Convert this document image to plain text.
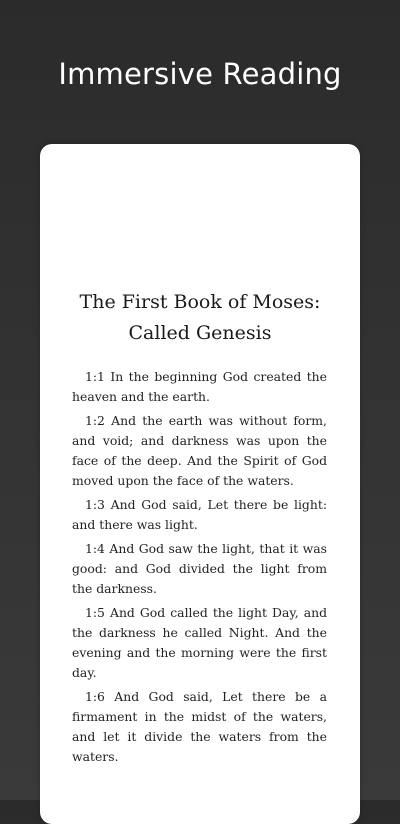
Immersive Reading
The First Book of Moses:
Called Genesis
1:1 In the beginning God created the heaven and the earth.
1:2 And the earth was without form, and void; and darkness was upon the face of the deep. And the Spirit of God moved upon the face of the waters.
1:3 And God said, Let there be light: and there was light.
1:4 And God saw the light, that it was good: and God divided the light from the darkness.
1:5 And God called the light Day, and the darkness he called Night. And the evening and the morning were the first day.
1:6 And God said, Let there be a firmament in the midst of the waters, and let it divide the waters from the waters.
